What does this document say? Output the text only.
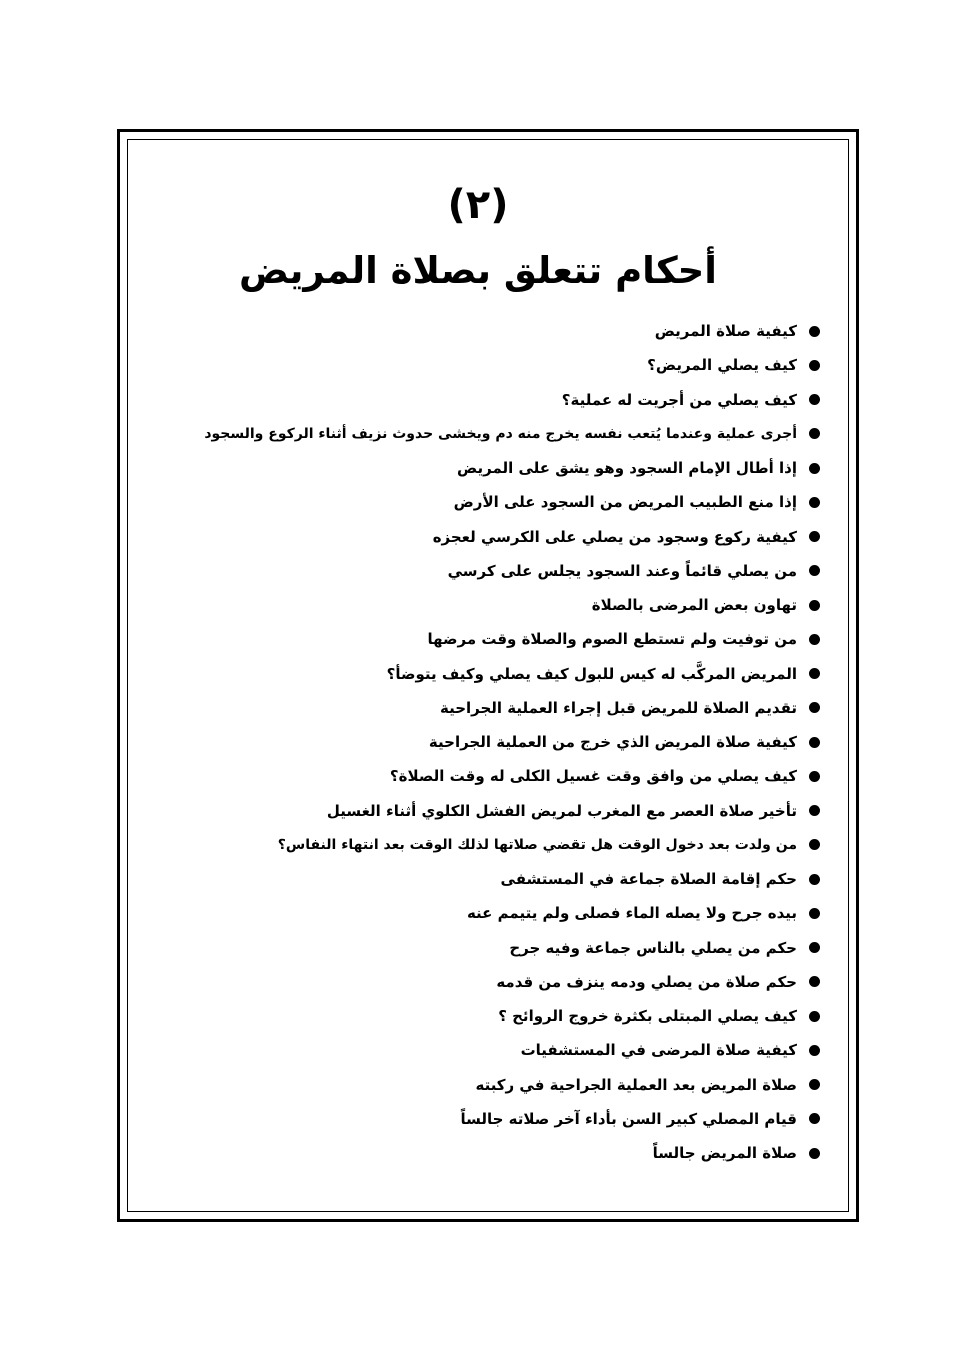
(٢)
أحكام تتعلق بصلاة المريض
كيفية صلاة المريض
كيف يصلي المريض؟
كيف يصلي من أجريت له عملية؟
أجرى عملية وعندما يُتعب نفسه يخرج منه دم ويخشى حدوث نزيف أثناء الركوع والسجود
إذا أطال الإمام السجود وهو يشق على المريض
إذا منع الطبيب المريض من السجود على الأرض
كيفية ركوع وسجود من يصلي على الكرسي لعجزه
من يصلي قائماً وعند السجود يجلس على كرسي
تهاون بعض المرضى بالصلاة
من توفيت ولم تستطع الصوم والصلاة وقت مرضها
المريض المركَّب له كيس للبول كيف يصلي وكيف يتوضأ؟
تقديم الصلاة للمريض قبل إجراء العملية الجراحية
كيفية صلاة المريض الذي خرج من العملية الجراحية
كيف يصلي من وافق وقت غسيل الكلى له وقت الصلاة؟
تأخير صلاة العصر مع المغرب لمريض الفشل الكلوي أثناء الغسيل
من ولدت بعد دخول الوقت هل تقضي صلاتها لذلك الوقت بعد انتهاء النفاس؟
حكم إقامة الصلاة جماعة في المستشفى
بيده جرح ولا يصله الماء فصلى ولم يتيمم عنه
حكم من يصلي بالناس جماعة وفيه جرح
حكم صلاة من يصلي ودمه ينزف من قدمه
كيف يصلي المبتلى بكثرة خروج الروائح ؟
كيفية صلاة المرضى في المستشفيات
صلاة المريض بعد العملية الجراحية في ركبته
قيام المصلي كبير السن بأداء آخر صلاته جالساً
صلاة المريض جالساً
